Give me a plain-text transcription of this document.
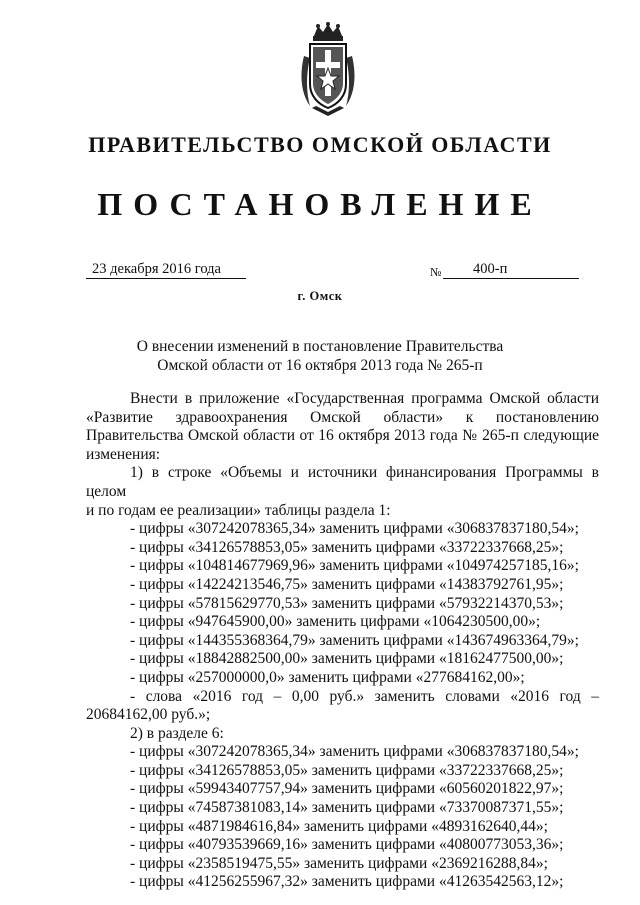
ПРАВИТЕЛЬСТВО ОМСКОЙ ОБЛАСТИ
ПОСТАНОВЛЕНИЕ
23 декабря 2016 года	№	400-п
г. Омск
О внесении изменений в постановление Правительства
Омской области от 16 октября 2013 года № 265-п

Внести в приложение «Государственная программа Омской области

«Развитие здравоохранения Омской области» к постановлению

Правительства Омской области от 16 октября 2013 года № 265-п следующие

изменения:

1) в строке «Объемы и источники финансирования Программы в целом

и по годам ее реализации» таблицы раздела 1:

- цифры «307242078365,34» заменить цифрами «306837837180,54»;

- цифры «34126578853,05» заменить цифрами «33722337668,25»;

- цифры «104814677969,96» заменить цифрами «104974257185,16»;

- цифры «14224213546,75» заменить цифрами «14383792761,95»;

- цифры «57815629770,53» заменить цифрами «57932214370,53»;

- цифры «947645900,00» заменить цифрами «1064230500,00»;

- цифры «144355368364,79» заменить цифрами «143674963364,79»;

- цифры «18842882500,00» заменить цифрами «18162477500,00»;

- цифры «257000000,0» заменить цифрами «277684162,00»;

- слова «2016 год – 0,00 руб.» заменить словами «2016 год –

20684162,00 руб.»;

2) в разделе 6:

- цифры «307242078365,34» заменить цифрами «306837837180,54»;

- цифры «34126578853,05» заменить цифрами «33722337668,25»;

- цифры «59943407757,94» заменить цифрами «60560201822,97»;

- цифры «74587381083,14» заменить цифрами «73370087371,55»;

- цифры «4871984616,84» заменить цифрами «4893162640,44»;

- цифры «40793539669,16» заменить цифрами «40800773053,36»;

- цифры «2358519475,55» заменить цифрами «2369216288,84»;

- цифры «41256255967,32» заменить цифрами «41263542563,12»;
